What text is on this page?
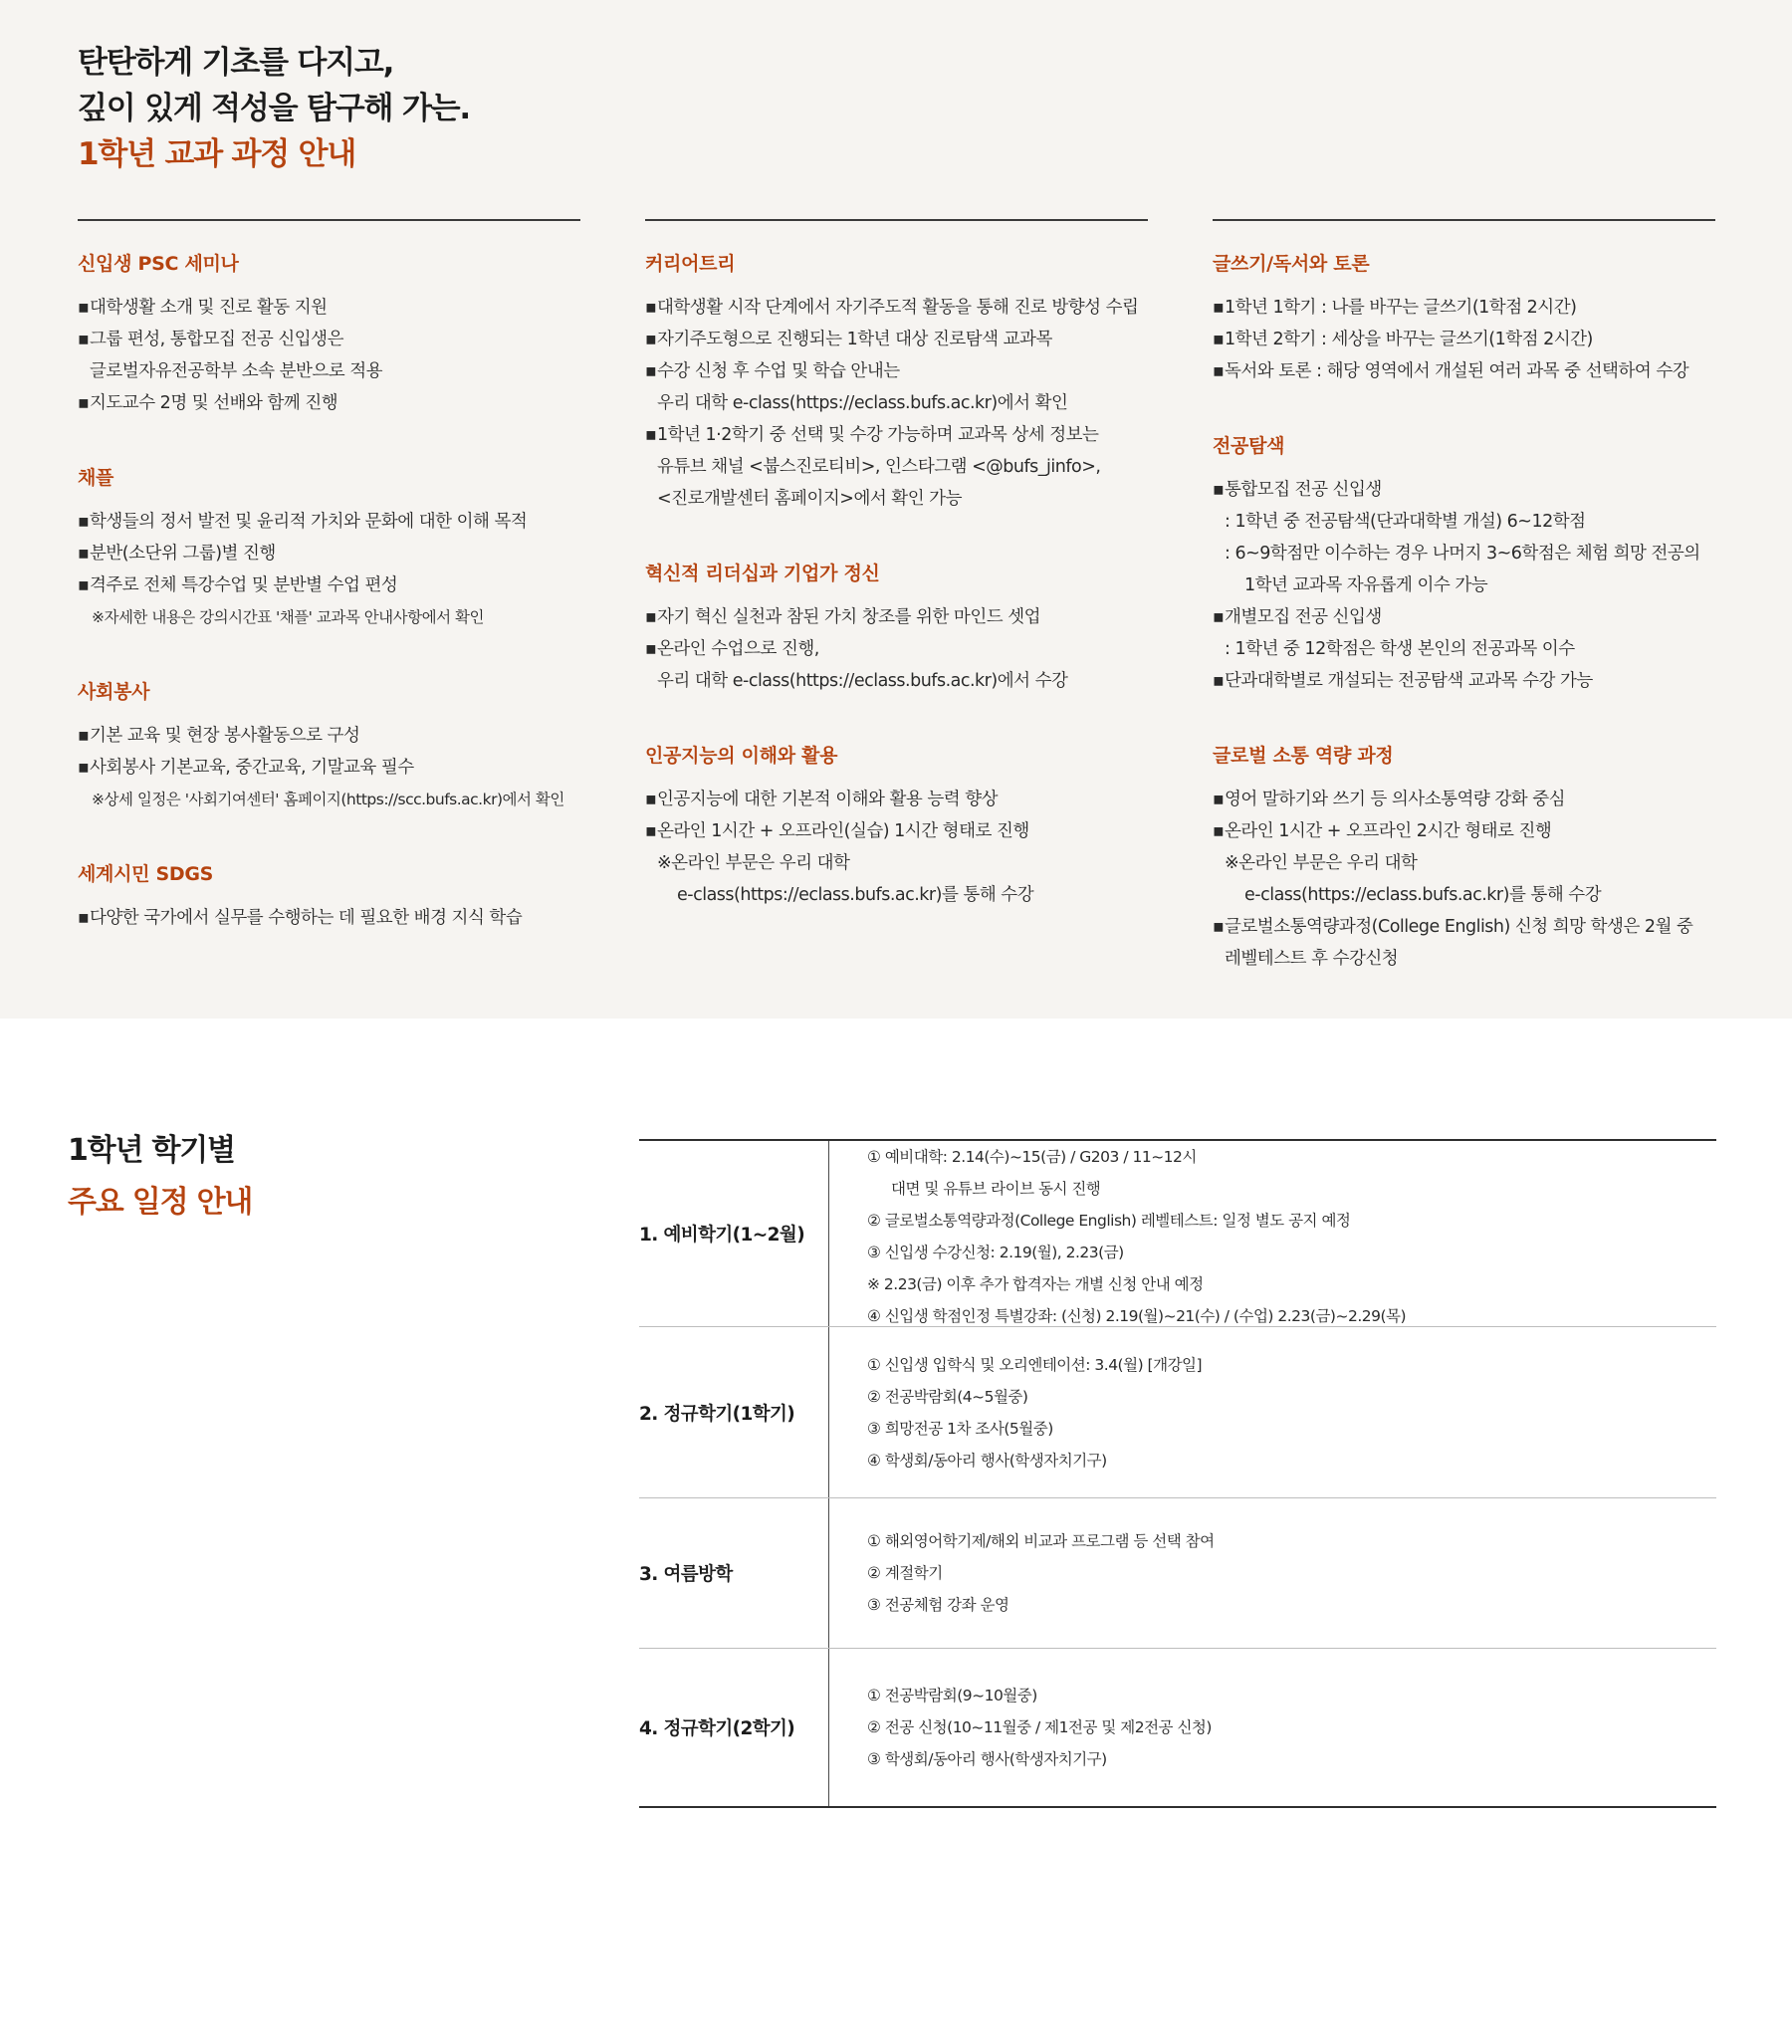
탄탄하게 기초를 다지고,
깊이 있게 적성을 탐구해 가는.
1학년 교과 과정 안내
신입생 PSC 세미나
▪대학생활 소개 및 진로 활동 지원
▪그룹 편성, 통합모집 전공 신입생은
글로벌자유전공학부 소속 분반으로 적용
▪지도교수 2명 및 선배와 함께 진행
채플
▪학생들의 정서 발전 및 윤리적 가치와 문화에 대한 이해 목적
▪분반(소단위 그룹)별 진행
▪격주로 전체 특강수업 및 분반별 수업 편성
※자세한 내용은 강의시간표 '채플' 교과목 안내사항에서 확인
사회봉사
▪기본 교육 및 현장 봉사활동으로 구성
▪사회봉사 기본교육, 중간교육, 기말교육 필수
※상세 일정은 '사회기여센터' 홈페이지(https://scc.bufs.ac.kr)에서 확인
세계시민 SDGS
▪다양한 국가에서 실무를 수행하는 데 필요한 배경 지식 학습
커리어트리
▪대학생활 시작 단계에서 자기주도적 활동을 통해 진로 방향성 수립
▪자기주도형으로 진행되는 1학년 대상 진로탐색 교과목
▪수강 신청 후 수업 및 학습 안내는
우리 대학 e-class(https://eclass.bufs.ac.kr)에서 확인
▪1학년 1·2학기 중 선택 및 수강 가능하며 교과목 상세 정보는
유튜브 채널 <붑스진로티비>, 인스타그램 <@bufs_jinfo>,
<진로개발센터 홈페이지>에서 확인 가능
혁신적 리더십과 기업가 정신
▪자기 혁신 실천과 참된 가치 창조를 위한 마인드 셋업
▪온라인 수업으로 진행,
우리 대학 e-class(https://eclass.bufs.ac.kr)에서 수강
인공지능의 이해와 활용
▪인공지능에 대한 기본적 이해와 활용 능력 향상
▪온라인 1시간 + 오프라인(실습) 1시간 형태로 진행
※온라인 부문은 우리 대학
e-class(https://eclass.bufs.ac.kr)를 통해 수강
글쓰기/독서와 토론
▪1학년 1학기 : 나를 바꾸는 글쓰기(1학점 2시간)
▪1학년 2학기 : 세상을 바꾸는 글쓰기(1학점 2시간)
▪독서와 토론 : 해당 영역에서 개설된 여러 과목 중 선택하여 수강
전공탐색
▪통합모집 전공 신입생
: 1학년 중 전공탐색(단과대학별 개설) 6~12학점
: 6~9학점만 이수하는 경우 나머지 3~6학점은 체험 희망 전공의
1학년 교과목 자유롭게 이수 가능
▪개별모집 전공 신입생
: 1학년 중 12학점은 학생 본인의 전공과목 이수
▪단과대학별로 개설되는 전공탐색 교과목 수강 가능
글로벌 소통 역량 과정
▪영어 말하기와 쓰기 등 의사소통역량 강화 중심
▪온라인 1시간 + 오프라인 2시간 형태로 진행
※온라인 부문은 우리 대학
e-class(https://eclass.bufs.ac.kr)를 통해 수강
▪글로벌소통역량과정(College English) 신청 희망 학생은 2월 중
레벨테스트 후 수강신청
1학년 학기별
주요 일정 안내
1. 예비학기(1~2월)
① 예비대학: 2.14(수)~15(금) / G203 / 11~12시
대면 및 유튜브 라이브 동시 진행
② 글로벌소통역량과정(College English) 레벨테스트: 일정 별도 공지 예정
③ 신입생 수강신청: 2.19(월), 2.23(금)
※ 2.23(금) 이후 추가 합격자는 개별 신청 안내 예정
④ 신입생 학점인정 특별강좌: (신청) 2.19(월)~21(수) / (수업) 2.23(금)~2.29(목)
2. 정규학기(1학기)
① 신입생 입학식 및 오리엔테이션: 3.4(월) [개강일]
② 전공박람회(4~5월중)
③ 희망전공 1차 조사(5월중)
④ 학생회/동아리 행사(학생자치기구)
3. 여름방학
① 해외영어학기제/해외 비교과 프로그램 등 선택 참여
② 계절학기
③ 전공체험 강좌 운영
4. 정규학기(2학기)
① 전공박람회(9~10월중)
② 전공 신청(10~11월중 / 제1전공 및 제2전공 신청)
③ 학생회/동아리 행사(학생자치기구)
